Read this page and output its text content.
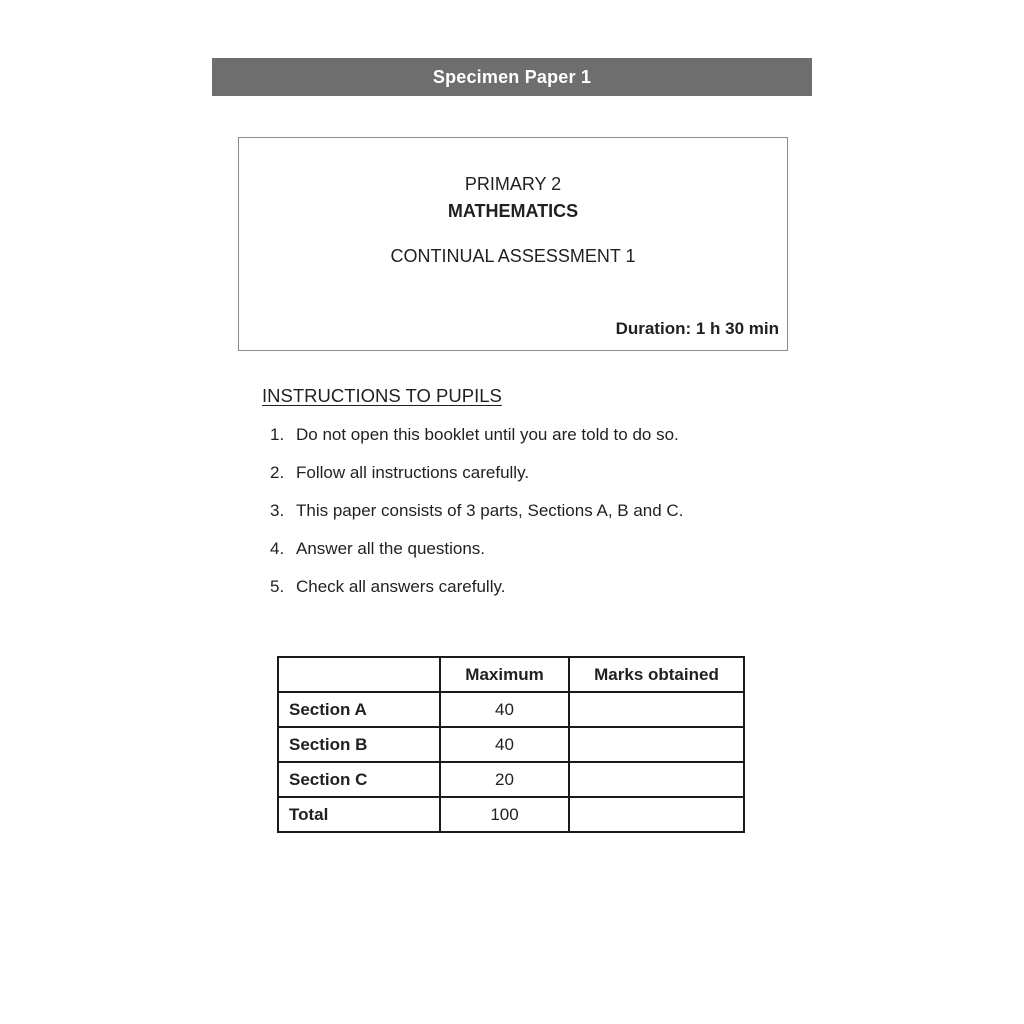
Specimen Paper 1
PRIMARY 2
MATHEMATICS
CONTINUAL ASSESSMENT 1
Duration: 1 h 30 min
INSTRUCTIONS TO PUPILS
1. Do not open this booklet until you are told to do so.
2. Follow all instructions carefully.
3. This paper consists of 3 parts, Sections A, B and C.
4. Answer all the questions.
5. Check all answers carefully.
	Maximum	Marks obtained
Section A	40	
Section B	40	
Section C	20	
Total	100	
